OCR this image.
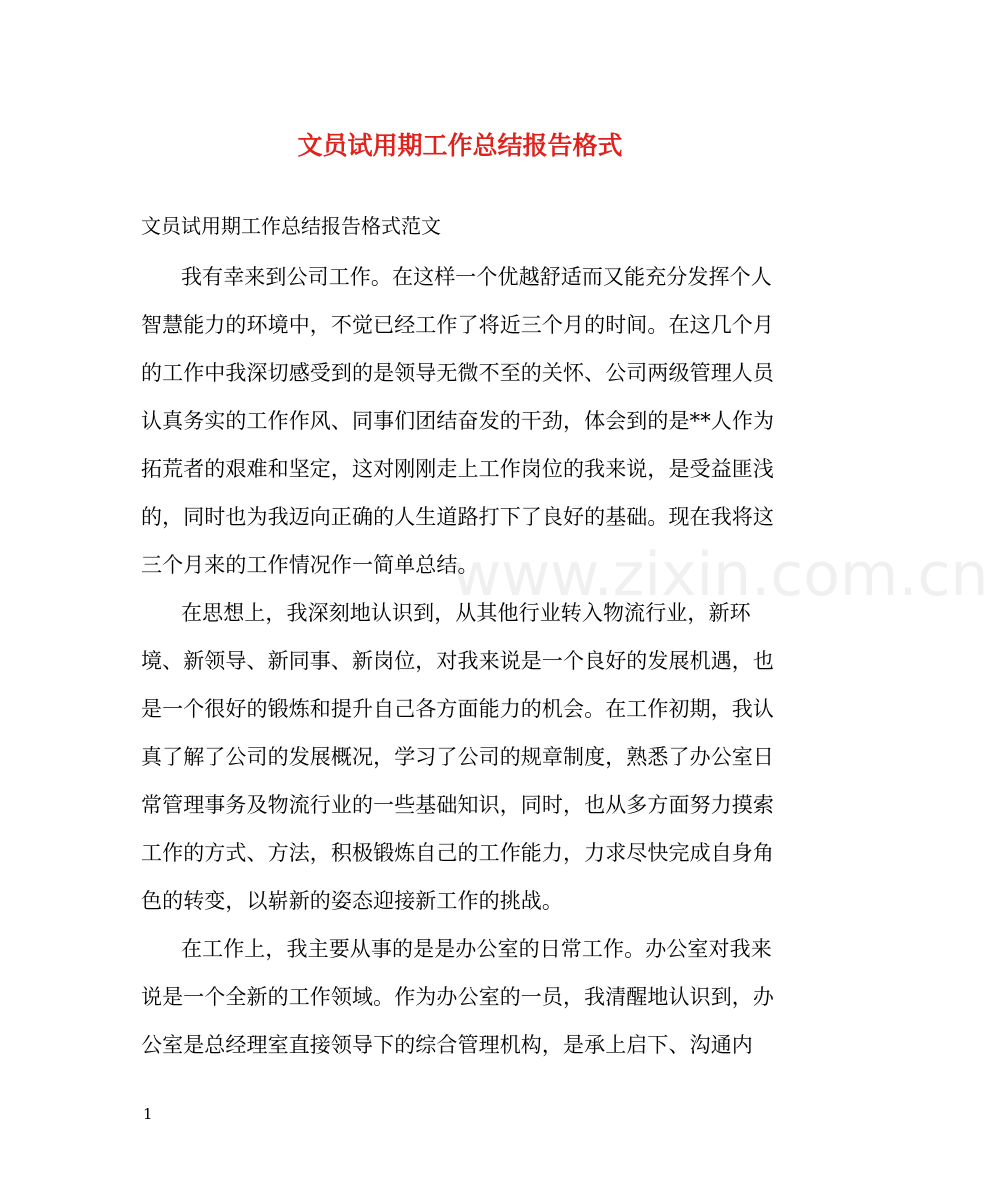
www.zixin.com.cn
文员试用期工作总结报告格式
文员试用期工作总结报告格式范文
我有幸来到公司工作。在这样一个优越舒适而又能充分发挥个人
智慧能力的环境中，不觉已经工作了将近三个月的时间。在这几个月
的工作中我深切感受到的是领导无微不至的关怀、公司两级管理人员
认真务实的工作作风、同事们团结奋发的干劲，体会到的是**人作为
拓荒者的艰难和坚定，这对刚刚走上工作岗位的我来说，是受益匪浅
的，同时也为我迈向正确的人生道路打下了良好的基础。现在我将这
三个月来的工作情况作一简单总结。
在思想上，我深刻地认识到，从其他行业转入物流行业，新环
境、新领导、新同事、新岗位，对我来说是一个良好的发展机遇，也
是一个很好的锻炼和提升自己各方面能力的机会。在工作初期，我认
真了解了公司的发展概况，学习了公司的规章制度，熟悉了办公室日
常管理事务及物流行业的一些基础知识，同时，也从多方面努力摸索
工作的方式、方法，积极锻炼自己的工作能力，力求尽快完成自身角
色的转变，以崭新的姿态迎接新工作的挑战。
在工作上，我主要从事的是是办公室的日常工作。办公室对我来
说是一个全新的工作领域。作为办公室的一员，我清醒地认识到，办
公室是总经理室直接领导下的综合管理机构，是承上启下、沟通内
1
